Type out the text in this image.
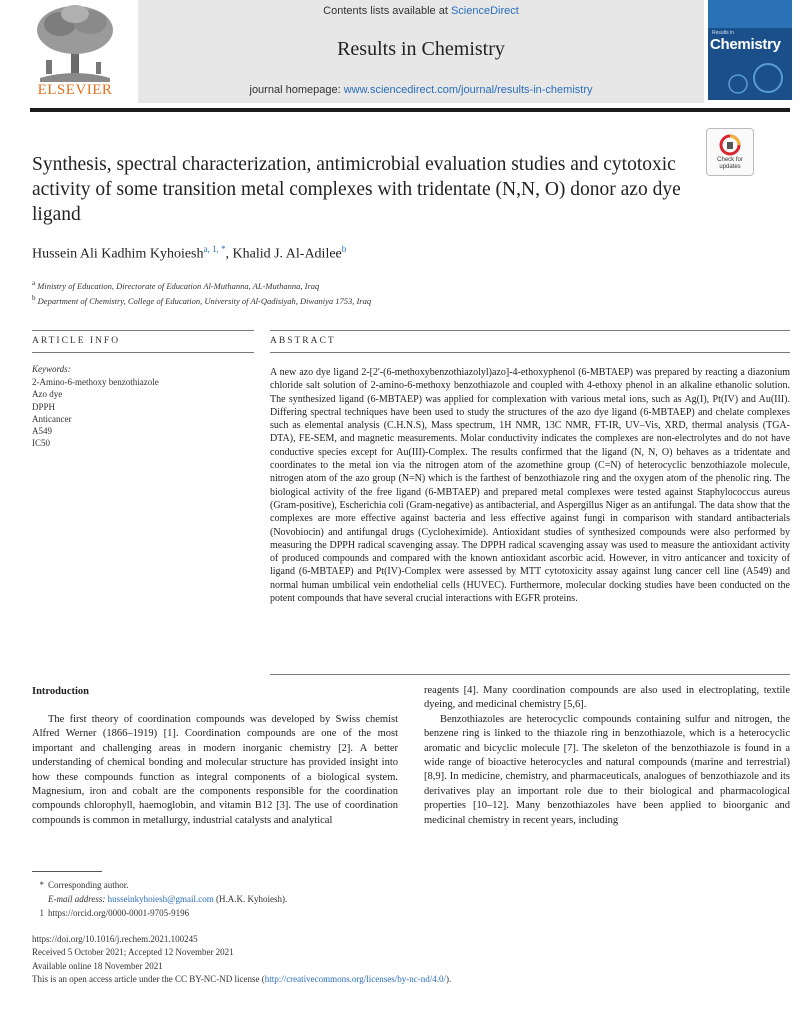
ELSEVIER
Contents lists available at ScienceDirect
Results in Chemistry
journal homepage: www.sciencedirect.com/journal/results-in-chemistry
Results in
Chemistry
Check for updates
Synthesis, spectral characterization, antimicrobial evaluation studies and cytotoxic activity of some transition metal complexes with tridentate (N,N, O) donor azo dye ligand
Hussein Ali Kadhim Kyhoiesh$^{a, 1, *}$, Khalid J. Al-Adilee$^b$
$^a$ Ministry of Education, Directorate of Education Al-Muthanna, AL-Muthanna, Iraq
$^b$ Department of Chemistry, College of Education, University of Al-Qadisiyah, Diwaniya 1753, Iraq
ARTICLE INFO	ABSTRACT
Keywords:
2-Amino-6-methoxy benzothiazole
Azo dye
DPPH
Anticancer
A549
IC50

A new azo dye ligand 2-[2'-(6-methoxybenzothiazolyl)azo]-4-ethoxyphenol (6-MBTAEP) was prepared by reacting a diazonium chloride salt solution of 2-amino-6-methoxy benzothiazole and coupled with 4-ethoxy phenol in an alkaline ethanolic solution. The synthesized ligand (6-MBTAEP) was applied for complexation with various metal ions, such as Ag(I), Pt(IV) and Au(III). Differing spectral techniques have been used to study the structures of the azo dye ligand (6-MBTAEP) and chelate complexes such as elemental analysis (C.H.N.S), Mass spectrum, 1H NMR, 13C NMR, FT-IR, UV–Vis, XRD, thermal analysis (TGA-DTA), FE-SEM, and magnetic measurements. Molar conductivity indicates the complexes are non-electrolytes and do not have conductive species except for Au(III)-Complex. The results confirmed that the ligand (N, N, O) behaves as a tridentate and coordinates to the metal ion via the nitrogen atom of the azomethine group (C=N) of heterocyclic benzothiazole molecule, nitrogen atom of the azo group (N=N) which is the farthest of benzothiazole ring and the oxygen atom of the phenolic ring. The biological activity of the free ligand (6-MBTAEP) and prepared metal complexes were tested against Staphylococcus aureus (Gram-positive), Escherichia coli (Gram-negative) as antibacterial, and Aspergillus Niger as an antifungal. The data show that the complexes are more effective against bacteria and less effective against fungi in comparison with standard antibacterials (Novobiocin) and antifungal drugs (Cycloheximide). Antioxidant studies of synthesized compounds were also performed by measuring the DPPH radical scavenging assay. The DPPH radical scavenging assay was used to measure the antioxidant activity of produced compounds and compared with the known antioxidant ascorbic acid. However, in vitro anticancer and toxicity of ligand (6-MBTAEP) and Pt(IV)-Complex were assessed by MTT cytotoxicity assay against lung cancer cell line (A549) and normal human umbilical vein endothelial cells (HUVEC). Furthermore, molecular docking studies have been conducted on the potent compounds that have several crucial interactions with EGFR proteins.

Introduction

The first theory of coordination compounds was developed by Swiss chemist Alfred Werner (1866–1919) [1]. Coordination compounds are one of the most important and challenging areas in modern inorganic chemistry [2]. A better understanding of chemical bonding and molecular structure has provided insight into how these compounds function as integral components of a biological system. Magnesium, iron and cobalt are the components responsible for the coordination compounds chlorophyll, haemoglobin, and vitamin B12 [3]. The use of coordination compounds is common in metallurgy, industrial catalysts and analytical

reagents [4]. Many coordination compounds are also used in electroplating, textile dyeing, and medicinal chemistry [5,6].

Benzothiazoles are heterocyclic compounds containing sulfur and nitrogen, the benzene ring is linked to the thiazole ring in benzothiazole, which is a heterocyclic aromatic and bicyclic molecule [7]. The skeleton of the benzothiazole is found in a wide range of bioactive heterocycles and natural compounds (marine and terrestrial) [8,9]. In medicine, chemistry, and pharmaceuticals, analogues of benzothiazole and its derivatives play an important role due to their biological and pharmacological properties [10–12]. Many benzothiazoles have been applied to bioorganic and medicinal chemistry in recent years, including

* Corresponding author.
E-mail address: husseinkyhoiesh@gmail.com (H.A.K. Kyhoiesh).
1 https://orcid.org/0000-0001-9705-9196
https://doi.org/10.1016/j.rechem.2021.100245
Received 5 October 2021; Accepted 12 November 2021
Available online 18 November 2021
This is an open access article under the CC BY-NC-ND license (http://creativecommons.org/licenses/by-nc-nd/4.0/).
